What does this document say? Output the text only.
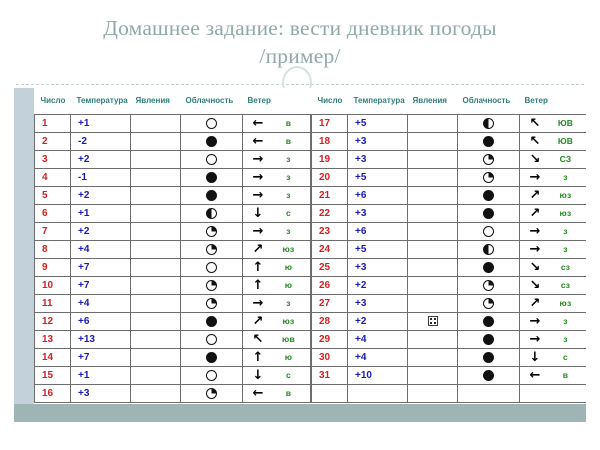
Домашнее задание: вести дневник погоды
/пример/
Число	Температура	Явления	Облачность	Ветер
1	+1			← в

2	-2			← в

3	+2			→ з

4	-1			→ з

5	+2			→ з

6	+1			↓ с

7	+2			→ з

8	+4			↗ юз

9	+7			↑ ю

10	+7			↑ ю

11	+4			→ з

12	+6			↗ юз

13	+13			↖ юв

14	+7			↑ ю

15	+1			↓ с

16	+3			← в
Число	Температура	Явления	Облачность	Ветер
17	+5			↖ ЮВ

18	+3			↖ ЮВ

19	+3			↘ СЗ

20	+5			→ з

21	+6			↗ юз

22	+3			↗ юз

23	+6			→ з

24	+5			→ з

25	+3			↘ сз

26	+2			↘ сз

27	+3			↗ юз

28	+2			→ з

29	+4			→ з

30	+4			↓ с

31	+10			← в
